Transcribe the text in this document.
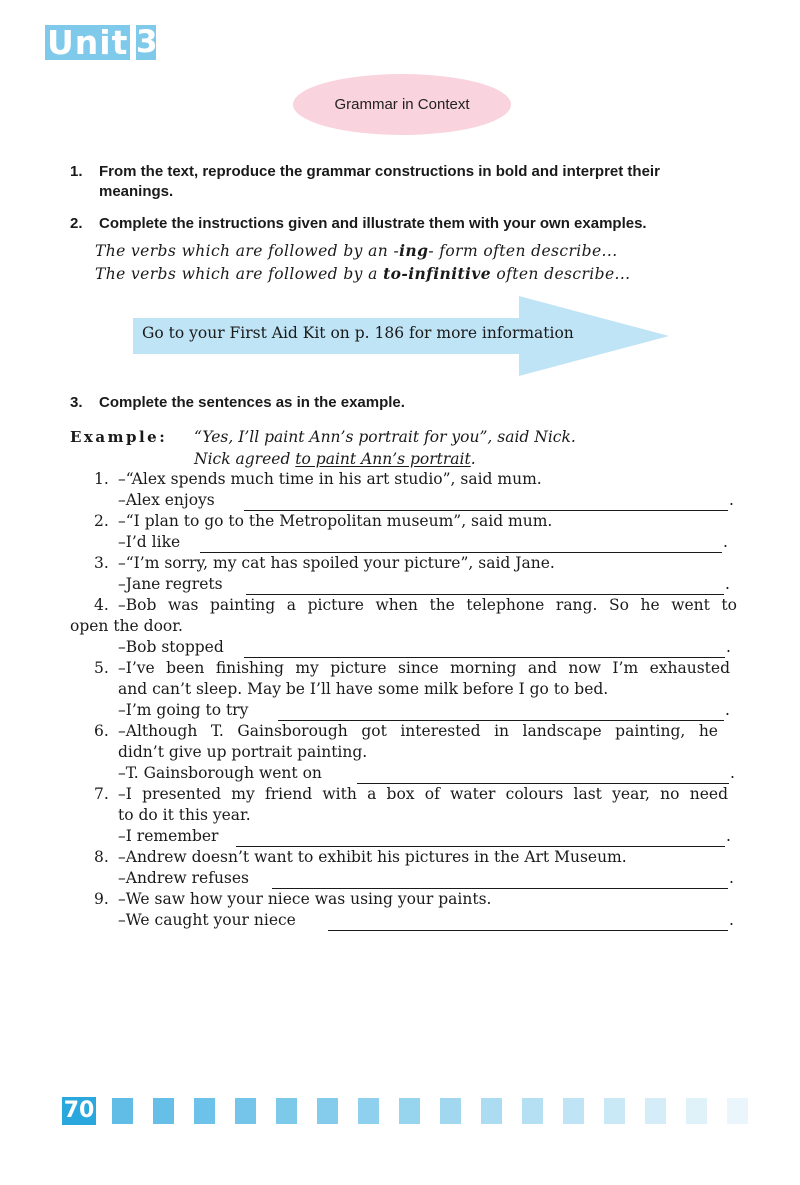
Unit 3
Grammar in Context
1.	From the text, reproduce the grammar constructions in bold and interpret their meanings.
2.	Complete the instructions given and illustrate them with your own examples.
The verbs which are followed by an -ing- form often describe...
The verbs which are followed by a to-infinitive often describe...
Go to your First Aid Kit on p. 186 for more information
3.	Complete the sentences as in the example.
Example: “Yes, I’ll paint Ann’s portrait for you”, said Nick.
Nick agreed to paint Ann’s portrait.
1. –“Alex spends much time in his art studio”, said mum.
–Alex enjoys	.
2. –“I plan to go to the Metropolitan museum”, said mum.
–I’d like	.
3. –“I’m sorry, my cat has spoiled your picture”, said Jane.
–Jane regrets	.
4. –Bob was painting a picture when the telephone rang. So he went to
open the door.
–Bob stopped	.
5. –I’ve been finishing my picture since morning and now I’m exhausted
and can’t sleep. May be I’ll have some milk before I go to bed.
–I’m going to try	.
6. –Although T. Gainsborough got interested in landscape painting, he
didn’t give up portrait painting.
–T. Gainsborough went on	.
7. –I presented my friend with a box of water colours last year, no need
to do it this year.
–I remember	.
8. –Andrew doesn’t want to exhibit his pictures in the Art Museum.
–Andrew refuses	.
9. –We saw how your niece was using your paints.
–We caught your niece	.
70
